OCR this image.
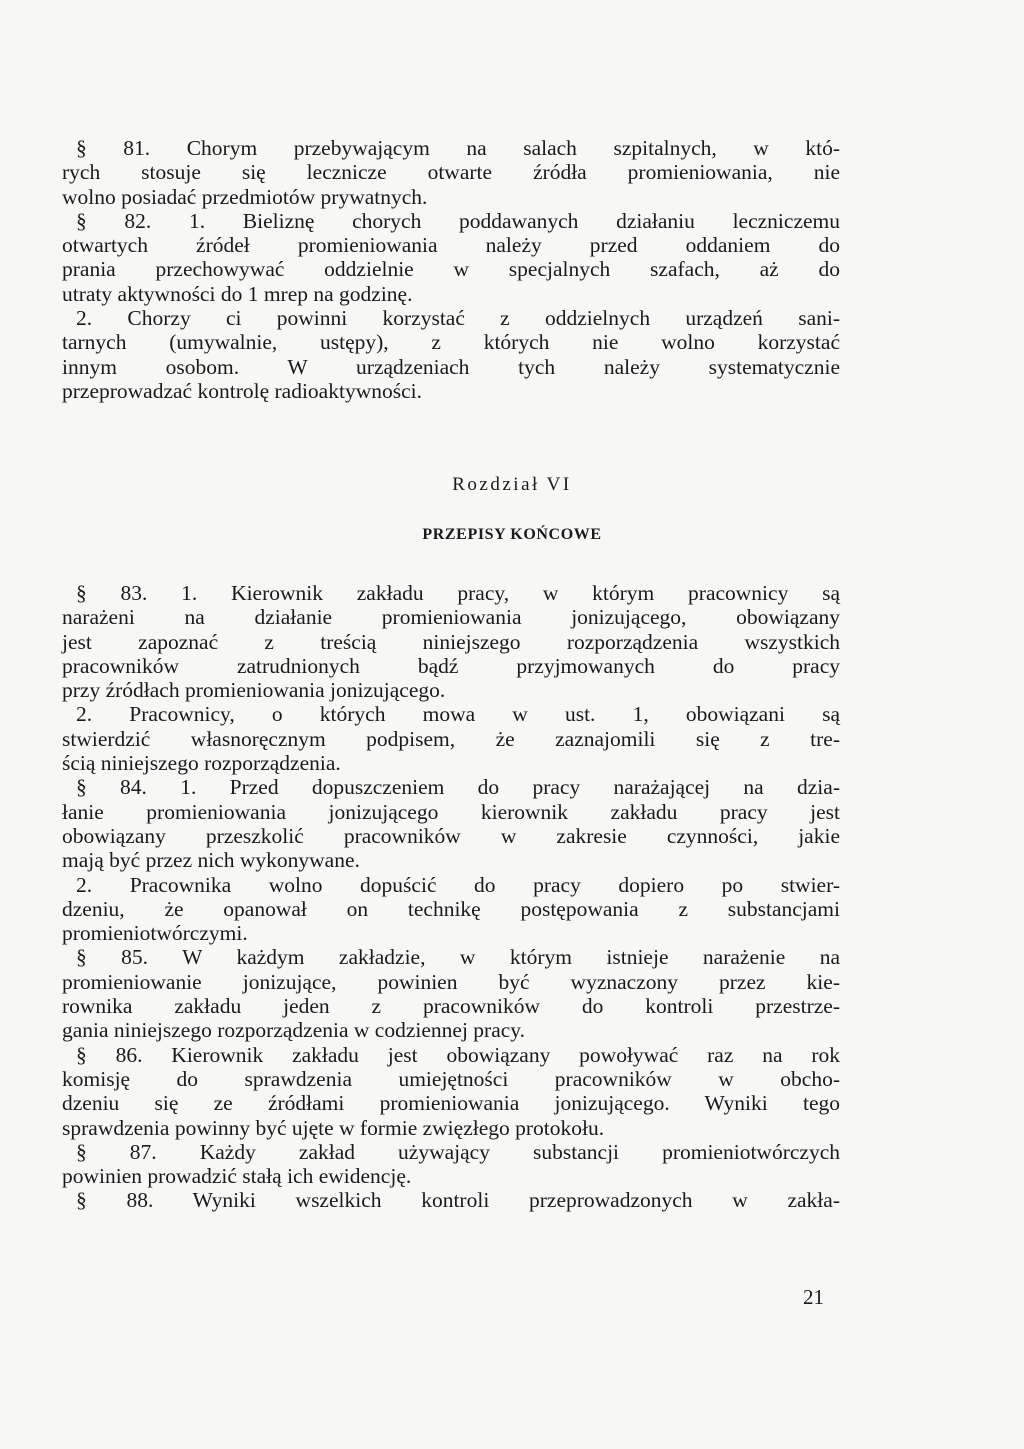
§ 81. Chorym przebywającym na salach szpitalnych, w któ-
rych stosuje się lecznicze otwarte źródła promieniowania, nie
wolno posiadać przedmiotów prywatnych.
§ 82. 1. Bieliznę chorych poddawanych działaniu leczniczemu
otwartych źródeł promieniowania należy przed oddaniem do
prania przechowywać oddzielnie w specjalnych szafach, aż do
utraty aktywności do 1 mrep na godzinę.
2. Chorzy ci powinni korzystać z oddzielnych urządzeń sani-
tarnych (umywalnie, ustępy), z których nie wolno korzystać
innym osobom. W urządzeniach tych należy systematycznie
przeprowadzać kontrolę radioaktywności.
Rozdział VI
PRZEPISY KOŃCOWE
§ 83. 1. Kierownik zakładu pracy, w którym pracownicy są
narażeni na działanie promieniowania jonizującego, obowiązany
jest zapoznać z treścią niniejszego rozporządzenia wszystkich
pracowników zatrudnionych bądź przyjmowanych do pracy
przy źródłach promieniowania jonizującego.
2. Pracownicy, o których mowa w ust. 1, obowiązani są
stwierdzić własnoręcznym podpisem, że zaznajomili się z tre-
ścią niniejszego rozporządzenia.
§ 84. 1. Przed dopuszczeniem do pracy narażającej na dzia-
łanie promieniowania jonizującego kierownik zakładu pracy jest
obowiązany przeszkolić pracowników w zakresie czynności, jakie
mają być przez nich wykonywane.
2. Pracownika wolno dopuścić do pracy dopiero po stwier-
dzeniu, że opanował on technikę postępowania z substancjami
promieniotwórczymi.
§ 85. W każdym zakładzie, w którym istnieje narażenie na
promieniowanie jonizujące, powinien być wyznaczony przez kie-
rownika zakładu jeden z pracowników do kontroli przestrze-
gania niniejszego rozporządzenia w codziennej pracy.
§ 86. Kierownik zakładu jest obowiązany powoływać raz na rok
komisję do sprawdzenia umiejętności pracowników w obcho-
dzeniu się ze źródłami promieniowania jonizującego. Wyniki tego
sprawdzenia powinny być ujęte w formie zwięzłego protokołu.
§ 87. Każdy zakład używający substancji promieniotwórczych
powinien prowadzić stałą ich ewidencję.
§ 88. Wyniki wszelkich kontroli przeprowadzonych w zakła-
21
